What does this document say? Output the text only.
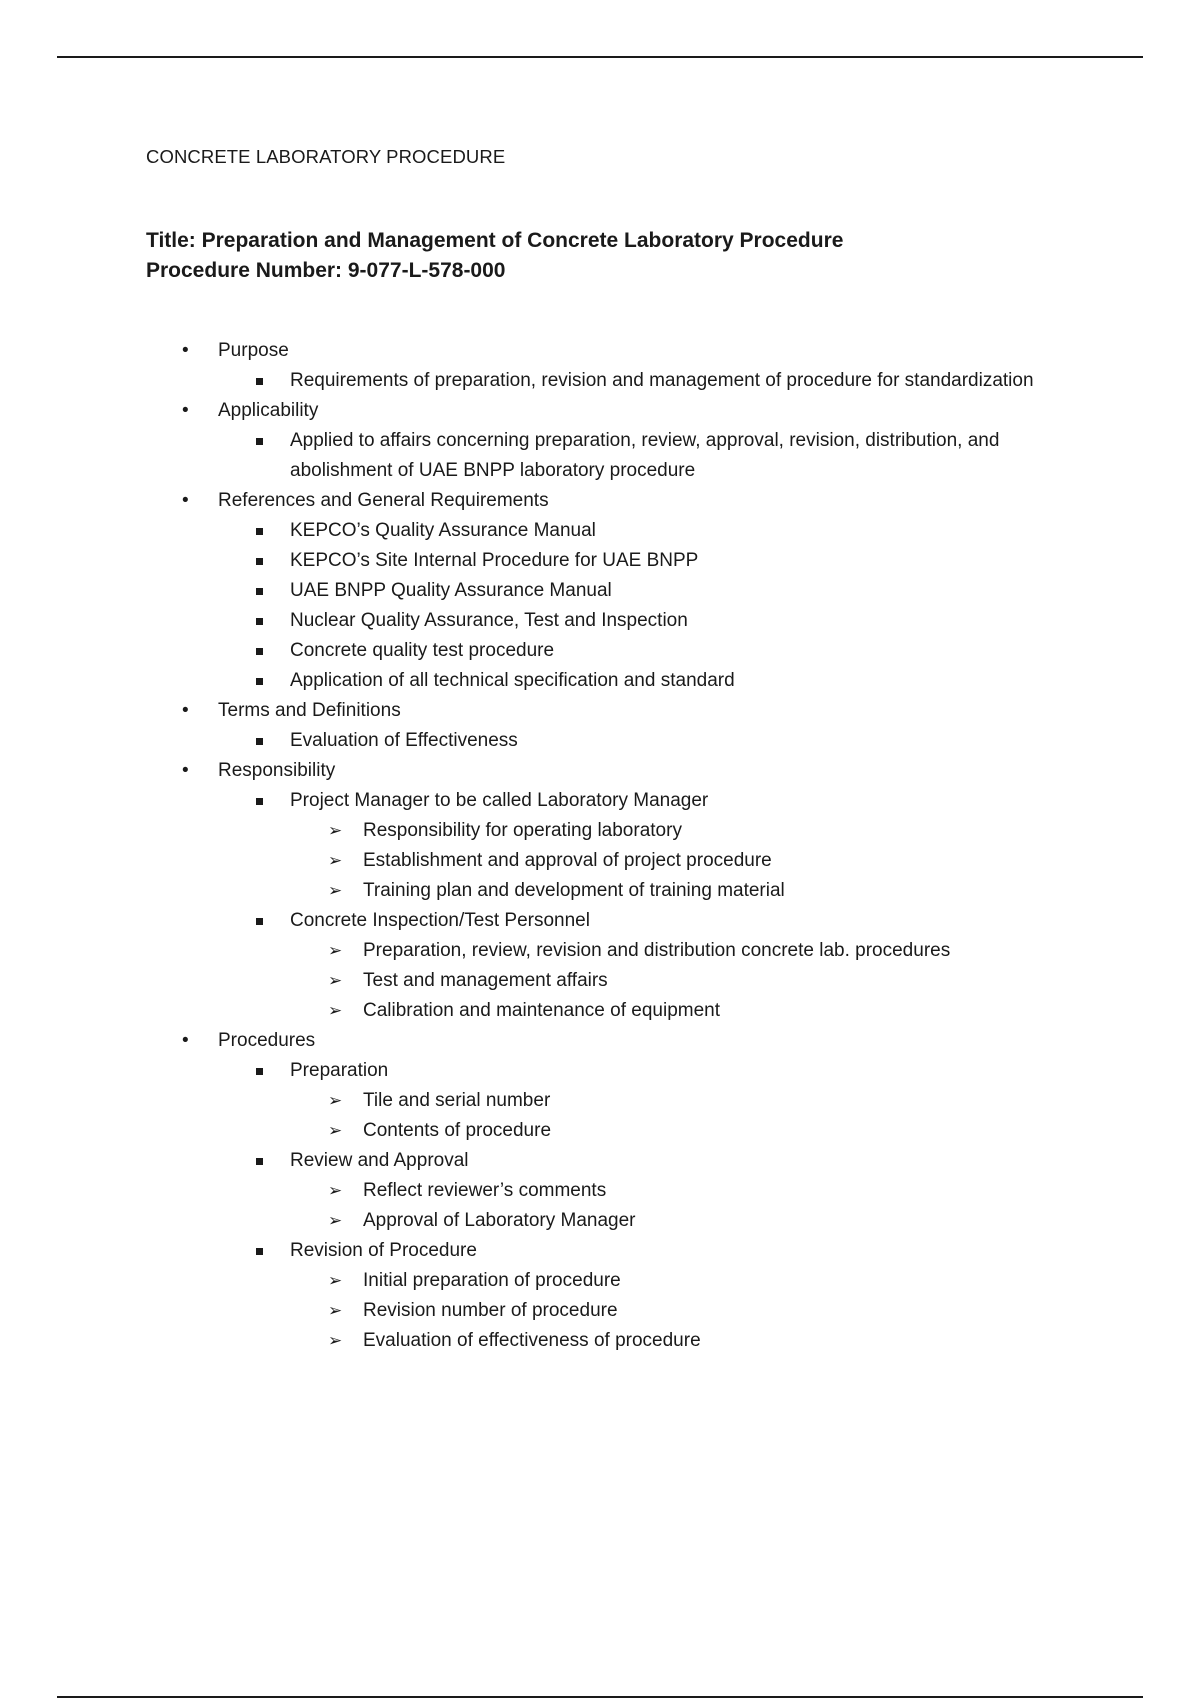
CONCRETE LABORATORY PROCEDURE
Title: Preparation and Management of Concrete Laboratory Procedure
Procedure Number: 9-077-L-578-000
• Purpose
Requirements of preparation, revision and management of procedure for standardization
• Applicability
Applied to affairs concerning preparation, review, approval, revision, distribution, and abolishment of UAE BNPP laboratory procedure
• References and General Requirements
KEPCO’s Quality Assurance Manual
KEPCO’s Site Internal Procedure for UAE BNPP
UAE BNPP Quality Assurance Manual
Nuclear Quality Assurance, Test and Inspection
Concrete quality test procedure
Application of all technical specification and standard
• Terms and Definitions
Evaluation of Effectiveness
• Responsibility
Project Manager to be called Laboratory Manager
➢ Responsibility for operating laboratory
➢ Establishment and approval of project procedure
➢ Training plan and development of training material
Concrete Inspection/Test Personnel
➢ Preparation, review, revision and distribution concrete lab. procedures
➢ Test and management affairs
➢ Calibration and maintenance of equipment
• Procedures
Preparation
➢ Tile and serial number
➢ Contents of procedure
Review and Approval
➢ Reflect reviewer’s comments
➢ Approval of Laboratory Manager
Revision of Procedure
➢ Initial preparation of procedure
➢ Revision number of procedure
➢ Evaluation of effectiveness of procedure
